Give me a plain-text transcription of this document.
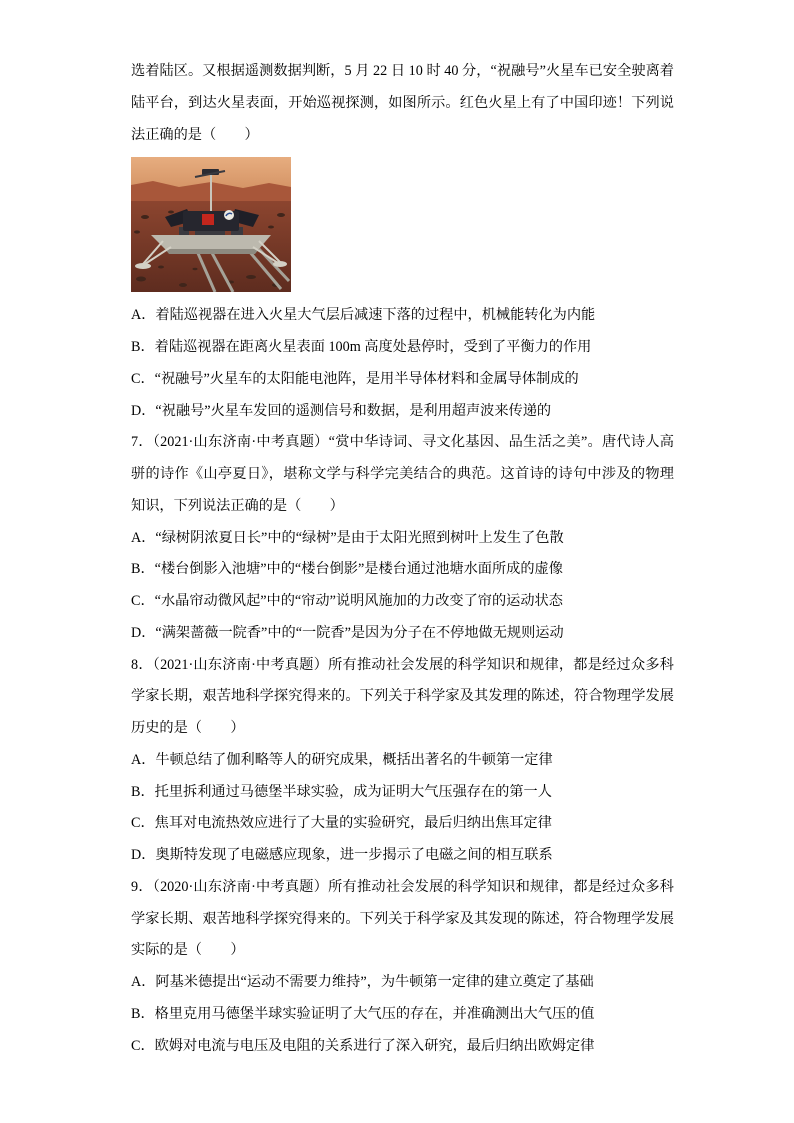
选着陆区。又根据遥测数据判断，5 月 22 日 10 时 40 分，“祝融号”火星车已安全驶离着陆平台，到达火星表面，开始巡视探测，如图所示。红色火星上有了中国印迹！下列说法正确的是（　　）

A．着陆巡视器在进入火星大气层后减速下落的过程中，机械能转化为内能

B．着陆巡视器在距离火星表面 100m 高度处悬停时，受到了平衡力的作用

C．“祝融号”火星车的太阳能电池阵，是用半导体材料和金属导体制成的

D．“祝融号”火星车发回的遥测信号和数据，是利用超声波来传递的

7．（2021·山东济南·中考真题）“赏中华诗词、寻文化基因、品生活之美”。唐代诗人高骈的诗作《山亭夏日》，堪称文学与科学完美结合的典范。这首诗的诗句中涉及的物理知识，下列说法正确的是（　　）

A．“绿树阴浓夏日长”中的“绿树”是由于太阳光照到树叶上发生了色散

B．“楼台倒影入池塘”中的“楼台倒影”是楼台通过池塘水面所成的虚像

C．“水晶帘动微风起”中的“帘动”说明风施加的力改变了帘的运动状态

D．“满架蔷薇一院香”中的“一院香”是因为分子在不停地做无规则运动

8．（2021·山东济南·中考真题）所有推动社会发展的科学知识和规律，都是经过众多科学家长期，艰苦地科学探究得来的。下列关于科学家及其发理的陈述，符合物理学发展历史的是（　　）

A．牛顿总结了伽利略等人的研究成果，概括出著名的牛顿第一定律

B．托里拆利通过马德堡半球实验，成为证明大气压强存在的第一人

C．焦耳对电流热效应进行了大量的实验研究，最后归纳出焦耳定律

D．奥斯特发现了电磁感应现象，进一步揭示了电磁之间的相互联系

9．（2020·山东济南·中考真题）所有推动社会发展的科学知识和规律，都是经过众多科学家长期、艰苦地科学探究得来的。下列关于科学家及其发现的陈述，符合物理学发展实际的是（　　）

A．阿基米德提出“运动不需要力维持”，为牛顿第一定律的建立奠定了基础

B．格里克用马德堡半球实验证明了大气压的存在，并准确测出大气压的值

C．欧姆对电流与电压及电阻的关系进行了深入研究，最后归纳出欧姆定律
